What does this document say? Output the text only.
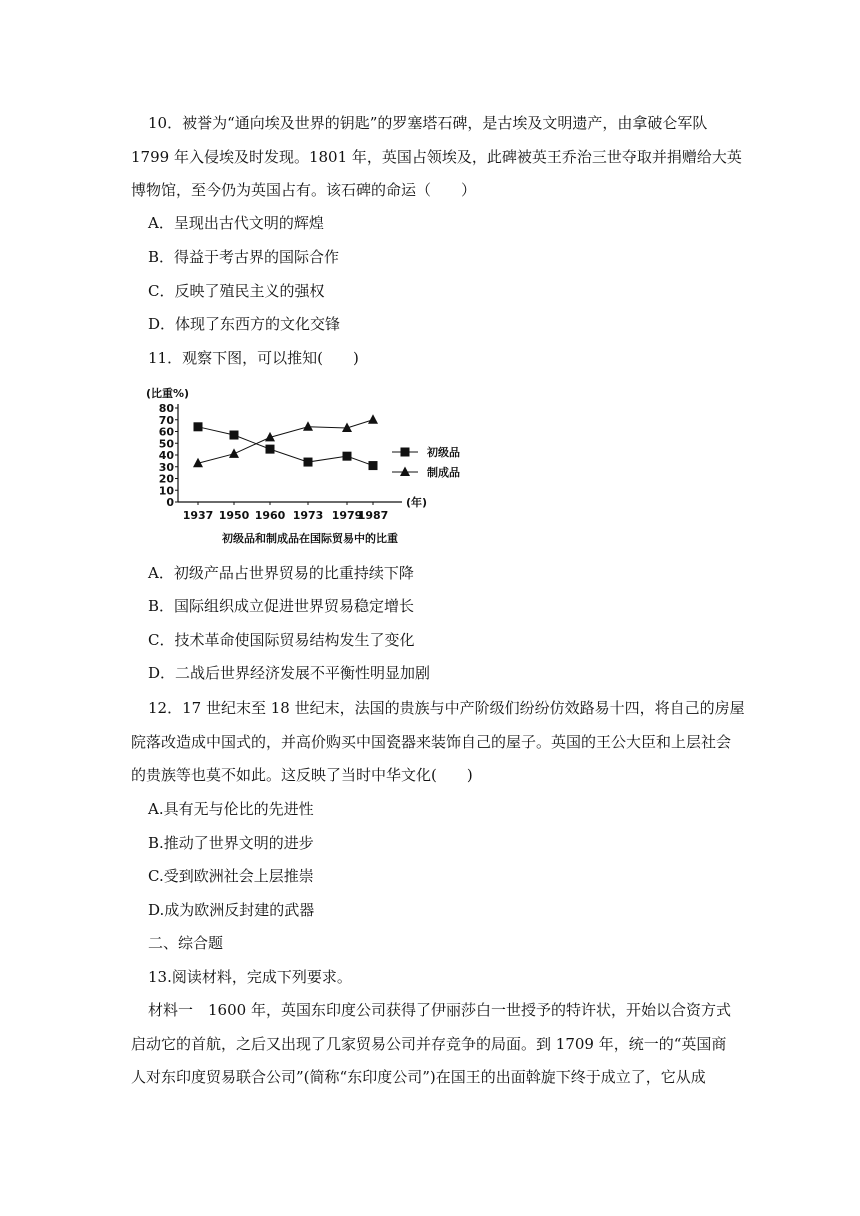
10．被誉为“通向埃及世界的钥匙”的罗塞塔石碑，是古埃及文明遗产，由拿破仑军队
1799 年入侵埃及时发现。1801 年，英国占领埃及，此碑被英王乔治三世夺取并捐赠给大英
博物馆，至今仍为英国占有。该石碑的命运（　　）
A．呈现出古代文明的辉煌
B．得益于考古界的国际合作
C．反映了殖民主义的强权
D．体现了东西方的文化交锋
11．观察下图，可以推知(　　)
(比重%)
(年)
初级品和制成品在国际贸易中的比重
0
10
20
30
40
50
60
70
80
1937 1950 1960 1973 1979
1987
初级品
制成品
A．初级产品占世界贸易的比重持续下降
B．国际组织成立促进世界贸易稳定增长
C．技术革命使国际贸易结构发生了变化
D．二战后世界经济发展不平衡性明显加剧
12．17 世纪末至 18 世纪末，法国的贵族与中产阶级们纷纷仿效路易十四，将自己的房屋
院落改造成中国式的，并高价购买中国瓷器来装饰自己的屋子。英国的王公大臣和上层社会
的贵族等也莫不如此。这反映了当时中华文化(　　)
A.具有无与伦比的先进性
B.推动了世界文明的进步
C.受到欧洲社会上层推崇
D.成为欧洲反封建的武器
二、综合题
13.阅读材料，完成下列要求。
材料一　1600 年，英国东印度公司获得了伊丽莎白一世授予的特许状，开始以合资方式
启动它的首航，之后又出现了几家贸易公司并存竞争的局面。到 1709 年，统一的“英国商
人对东印度贸易联合公司”(简称“东印度公司”)在国王的出面斡旋下终于成立了，它从成
